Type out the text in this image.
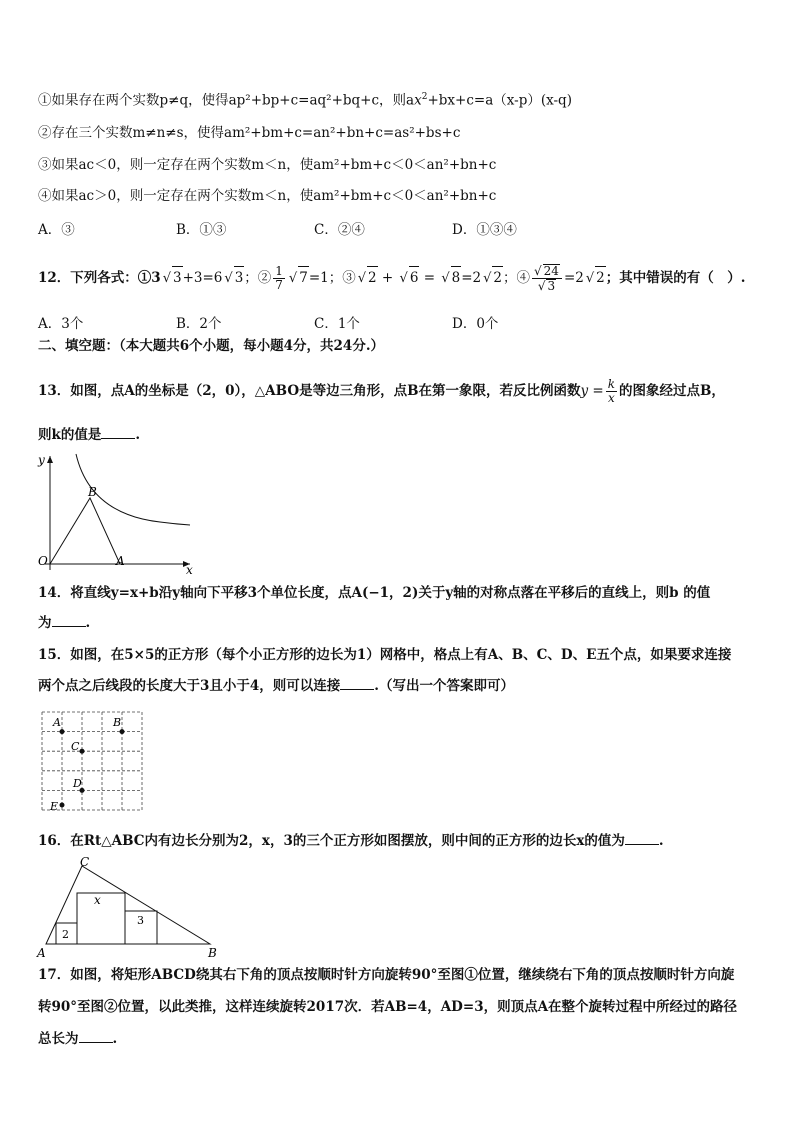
①如果存在两个实数p≠q，使得ap²+bp+c=aq²+bq+c，则$ax^2+bx+c=a(x-p)(x-q)$
②存在三个实数m≠n≠s，使得am²+bm+c=an²+bn+c=as²+bs+c
③如果ac＜0，则一定存在两个实数m＜n，使am²+bm+c＜0＜an²+bn+c
④如果ac＞0，则一定存在两个实数m＜n，使am²+bm+c＜0＜an²+bn+c
A．③	B．①③	C．②④	D．①③④
12．下列各式：①3 √ 3+3=6 √ 3；② $\frac{1}{7}$ √ 7=1；③ √ 2 + √ 6 = √ 8=2 √ 2；④ $\frac{√ 24}{√ 3} =2$ √ 2；其中错误的有（　）.
A．3个	B．2个	C．1个	D．0个
二、填空题：（本大题共6个小题，每小题4分，共24分.）
13．如图，点A的坐标是（2，0），△ABO是等边三角形，点B在第一象限，若反比例函数$y = \frac{k}{x}$ 的图象经过点B，
则k的值是	.
y
x
O	A
B
14．将直线y=x+b沿y轴向下平移3个单位长度，点A(−1，2)关于y轴的对称点落在平移后的直线上，则b 的值
为	.
15．如图，在5×5的正方形（每个小正方形的边长为1）网格中，格点上有A、B、C、D、E五个点，如果要求连接
两个点之后线段的长度大于3且小于4，则可以连接	.（写出一个答案即可）
A	B
C
D
E
16．在Rt△ABC内有边长分别为2，x，3的三个正方形如图摆放，则中间的正方形的边长x的值为	.
A	B
C
2
x
3
17．如图，将矩形ABCD绕其右下角的顶点按顺时针方向旋转90°至图①位置，继续绕右下角的顶点按顺时针方向旋
转90°至图②位置，以此类推，这样连续旋转2017次．若AB=4，AD=3，则顶点A在整个旋转过程中所经过的路径
总长为	.
